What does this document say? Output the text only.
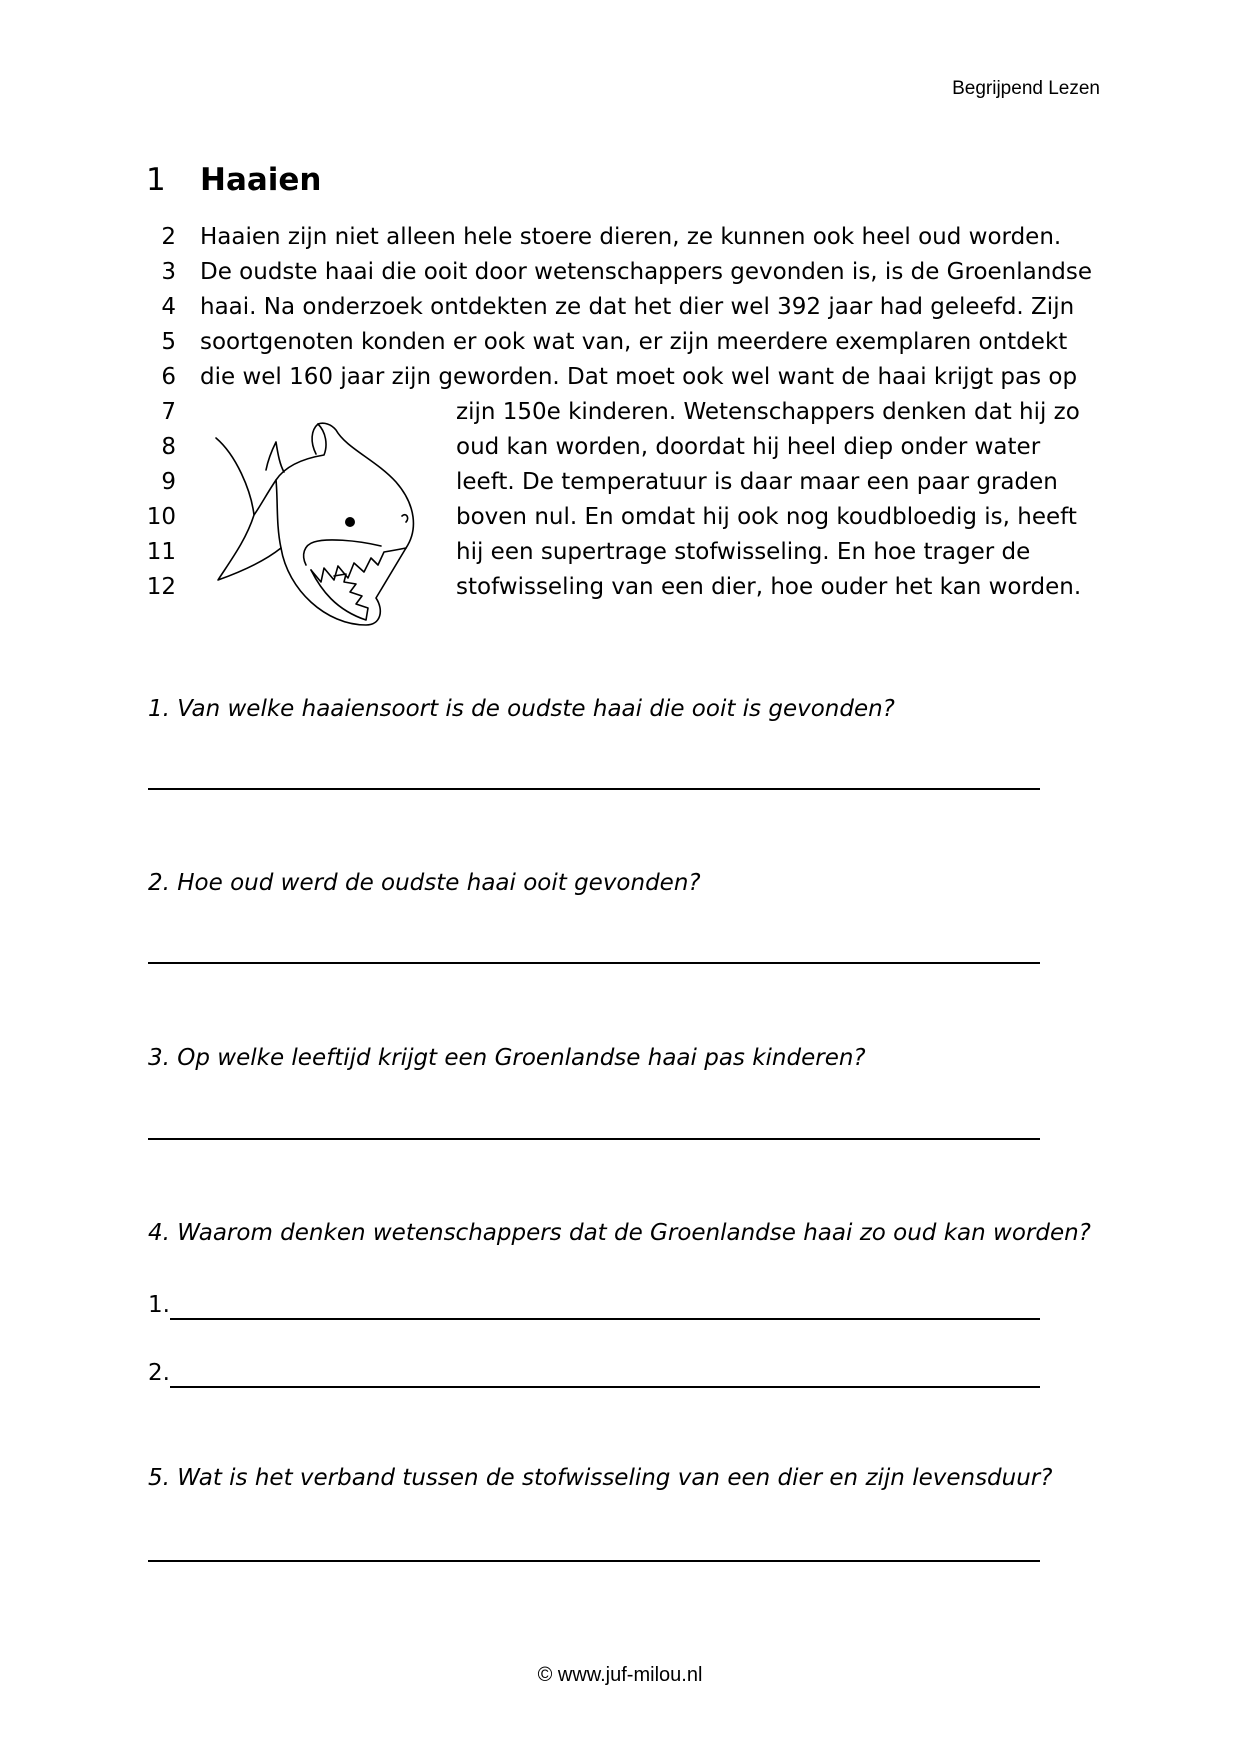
Begrijpend Lezen
1 Haaien
2 Haaien zijn niet alleen hele stoere dieren, ze kunnen ook heel oud worden.
3 De oudste haai die ooit door wetenschappers gevonden is, is de Groenlandse
4 haai. Na onderzoek ontdekten ze dat het dier wel 392 jaar had geleefd. Zijn
5 soortgenoten konden er ook wat van, er zijn meerdere exemplaren ontdekt
6 die wel 160 jaar zijn geworden. Dat moet ook wel want de haai krijgt pas op
7	zijn 150e kinderen. Wetenschappers denken dat hij zo
8	oud kan worden, doordat hij heel diep onder water
9	leeft. De temperatuur is daar maar een paar graden
10	boven nul. En omdat hij ook nog koudbloedig is, heeft
11	hij een supertrage stofwisseling. En hoe trager de
12	stofwisseling van een dier, hoe ouder het kan worden.
1. Van welke haaiensoort is de oudste haai die ooit is gevonden?
2. Hoe oud werd de oudste haai ooit gevonden?
3. Op welke leeftijd krijgt een Groenlandse haai pas kinderen?
4. Waarom denken wetenschappers dat de Groenlandse haai zo oud kan worden?
1.
2.
5. Wat is het verband tussen de stofwisseling van een dier en zijn levensduur?
© www.juf-milou.nl
